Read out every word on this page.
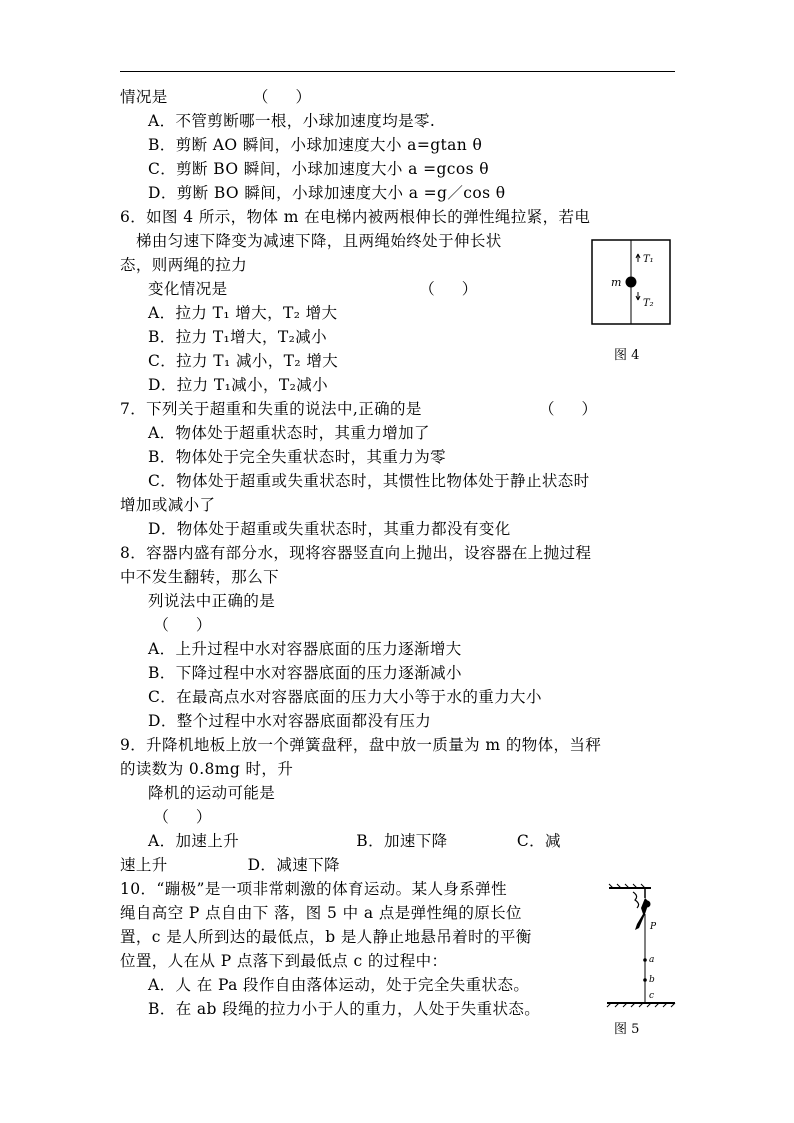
情况是                （     ）
A．不管剪断哪一根，小球加速度均是零.
B．剪断 AO 瞬间，小球加速度大小 a=gtan θ
C．剪断 BO 瞬间，小球加速度大小 a =gcos θ
D．剪断 BO 瞬间，小球加速度大小 a =g／cos θ
6．如图 4 所示，物体 m 在电梯内被两根伸长的弹性绳拉紧，若电
梯由匀速下降变为减速下降，且两绳始终处于伸长状
态，则两绳的拉力
变化情况是                                    （     ）
A．拉力 T₁ 增大，T₂ 增大
B．拉力 T₁增大，T₂减小
C．拉力 T₁ 减小，T₂ 增大
D．拉力 T₁减小，T₂减小
7．下列关于超重和失重的说法中,正确的是                      （     ）
A．物体处于超重状态时，其重力增加了
B．物体处于完全失重状态时，其重力为零
C．物体处于超重或失重状态时，其惯性比物体处于静止状态时
增加或减小了
D．物体处于超重或失重状态时，其重力都没有变化
8．容器内盛有部分水，现将容器竖直向上抛出，设容器在上抛过程
中不发生翻转，那么下
列说法中正确的是
（     ）
A．上升过程中水对容器底面的压力逐渐增大
B．下降过程中水对容器底面的压力逐渐减小
C．在最高点水对容器底面的压力大小等于水的重力大小
D．整个过程中水对容器底面都没有压力
9．升降机地板上放一个弹簧盘秤，盘中放一质量为 m 的物体，当秤
的读数为 0.8mg 时，升
降机的运动可能是
（     ）
A．加速上升                      B．加速下降             C．减
速上升               D．减速下降
10．“蹦极”是一项非常刺激的体育运动。某人身系弹性
绳自高空 P 点自由下 落，图 5 中 a 点是弹性绳的原长位
置，c 是人所到达的最低点，b 是人静止地悬吊着时的平衡
位置，人在从 P 点落下到最低点 c 的过程中：
A．人 在 Pa 段作自由落体运动，处于完全失重状态。
B．在 ab 段绳的拉力小于人的重力，人处于失重状态。
m
T₁
T₂
图 4
P
a
b
c
图 5
